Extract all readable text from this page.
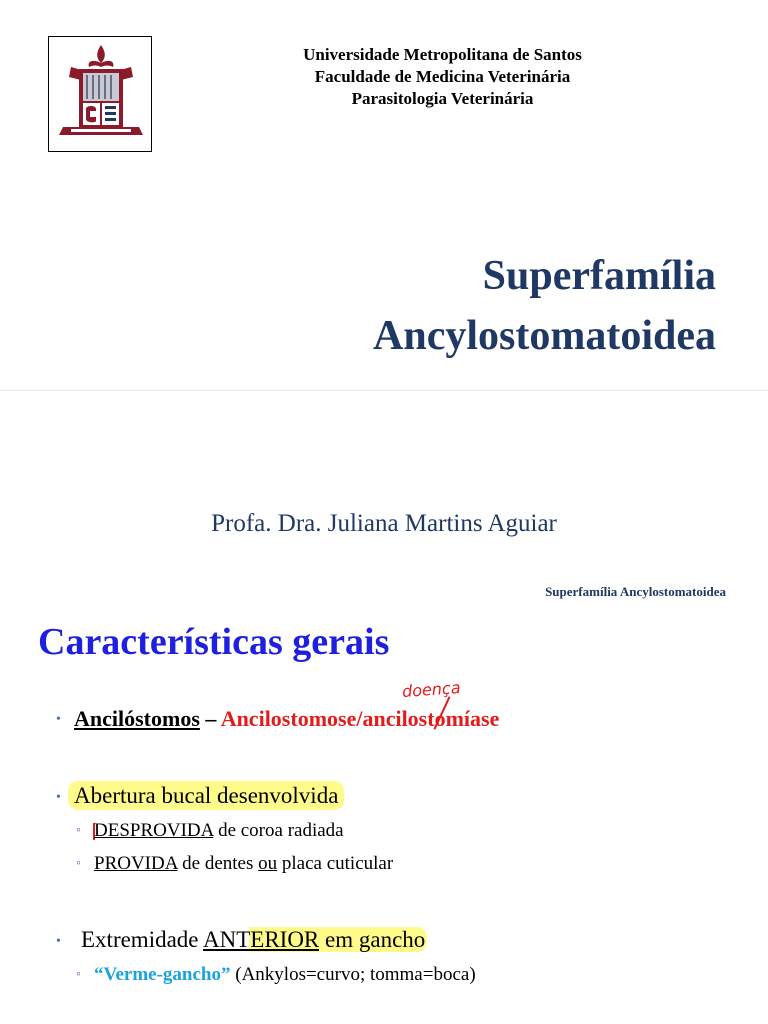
Universidade Metropolitana de Santos
Faculdade de Medicina Veterinária
Parasitologia Veterinária
Superfamília
Ancylostomatoidea
Profa. Dra. Juliana Martins Aguiar
Superfamília Ancylostomatoidea
Características gerais
• Ancilóstomos – Ancilostomose/ancilostomíase
doença
• Abertura bucal desenvolvida
◦ DESPROVIDA de coroa radiada
◦ PROVIDA de dentes ou placa cuticular
• Extremidade ANTERIOR em gancho
◦ “Verme-gancho” (Ankylos=curvo; tomma=boca)
